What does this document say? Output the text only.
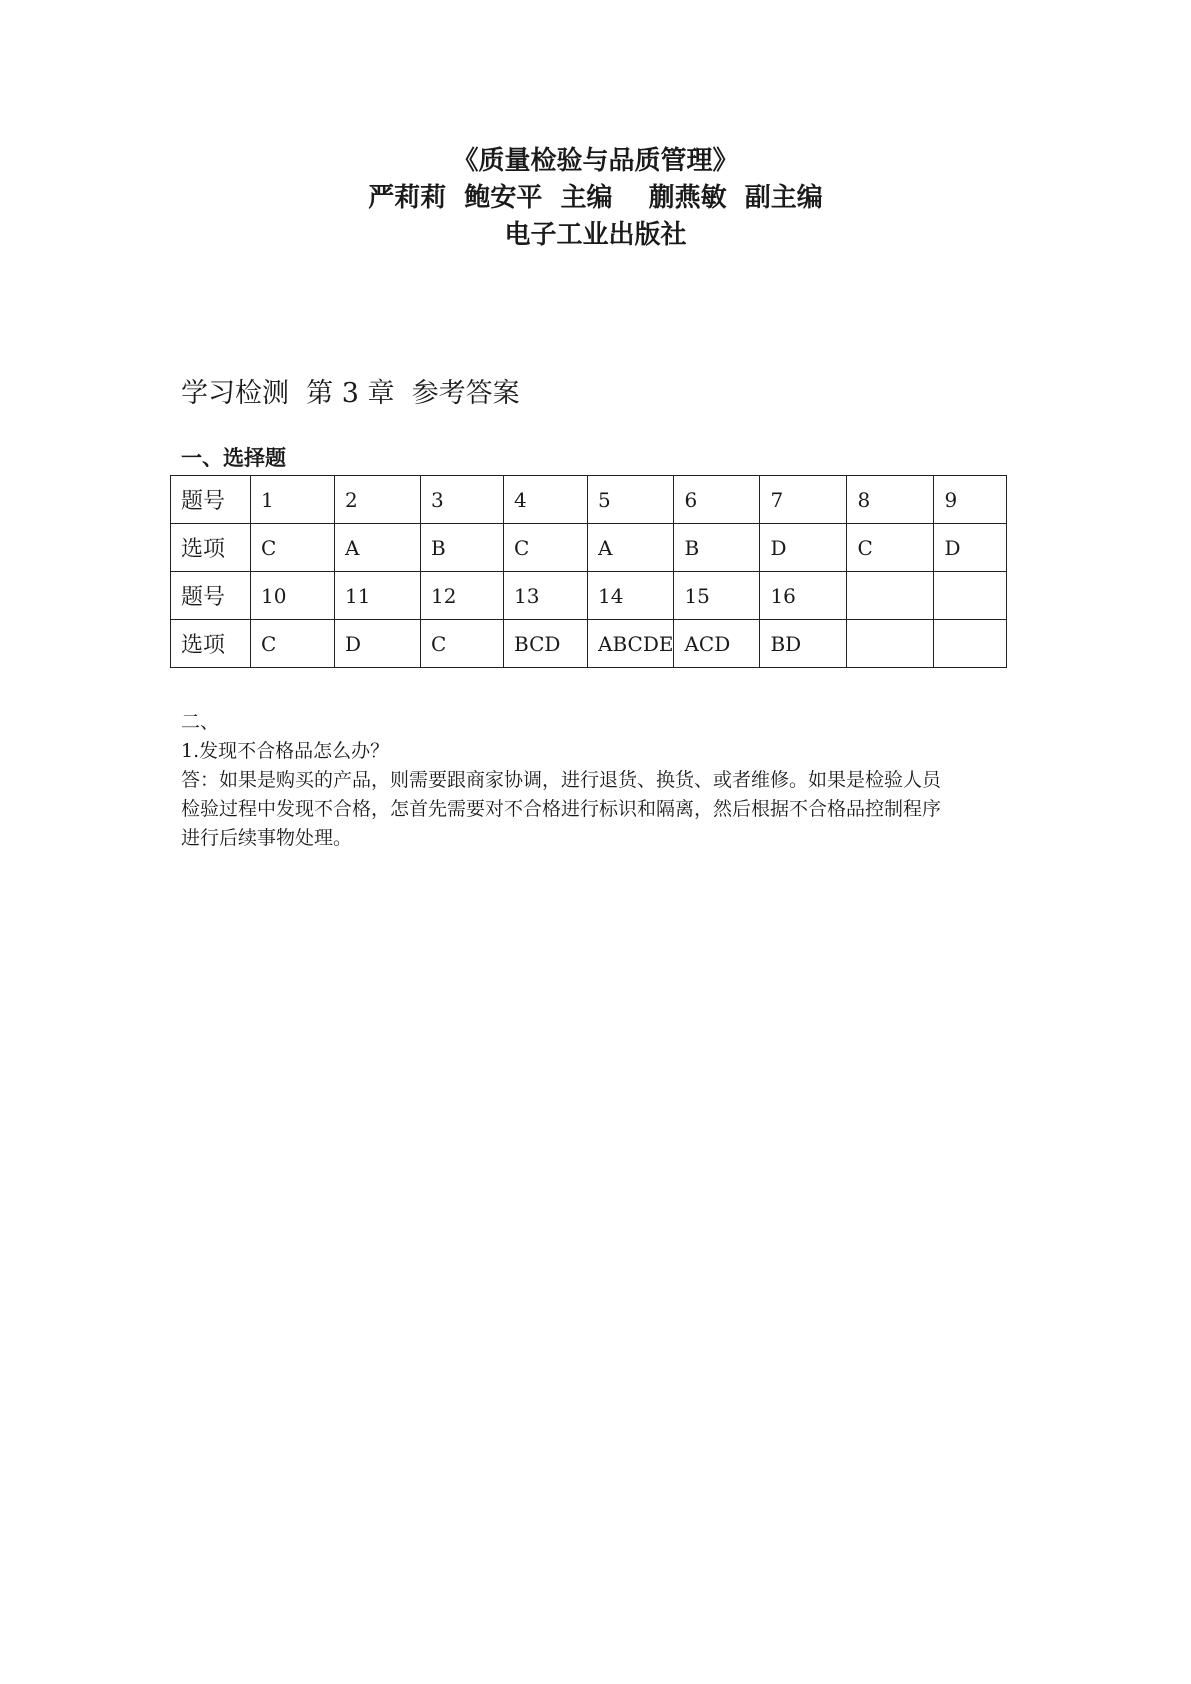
《质量检验与品质管理》
严莉莉  鲍安平  主编    蒯燕敏  副主编
电子工业出版社
学习检测  第 3 章  参考答案
一、选择题
题号	1	2	3	4	5	6	7	8	9
选项	C	A	B	C	A	B	D	C	D
题号	10	11	12	13	14	15	16		
选项	C	D	C	BCD	ABCDE	ACD	BD		
二、
1.发现不合格品怎么办？
答：如果是购买的产品，则需要跟商家协调，进行退货、换货、或者维修。如果是检验人员
检验过程中发现不合格，怎首先需要对不合格进行标识和隔离，然后根据不合格品控制程序
进行后续事物处理。
